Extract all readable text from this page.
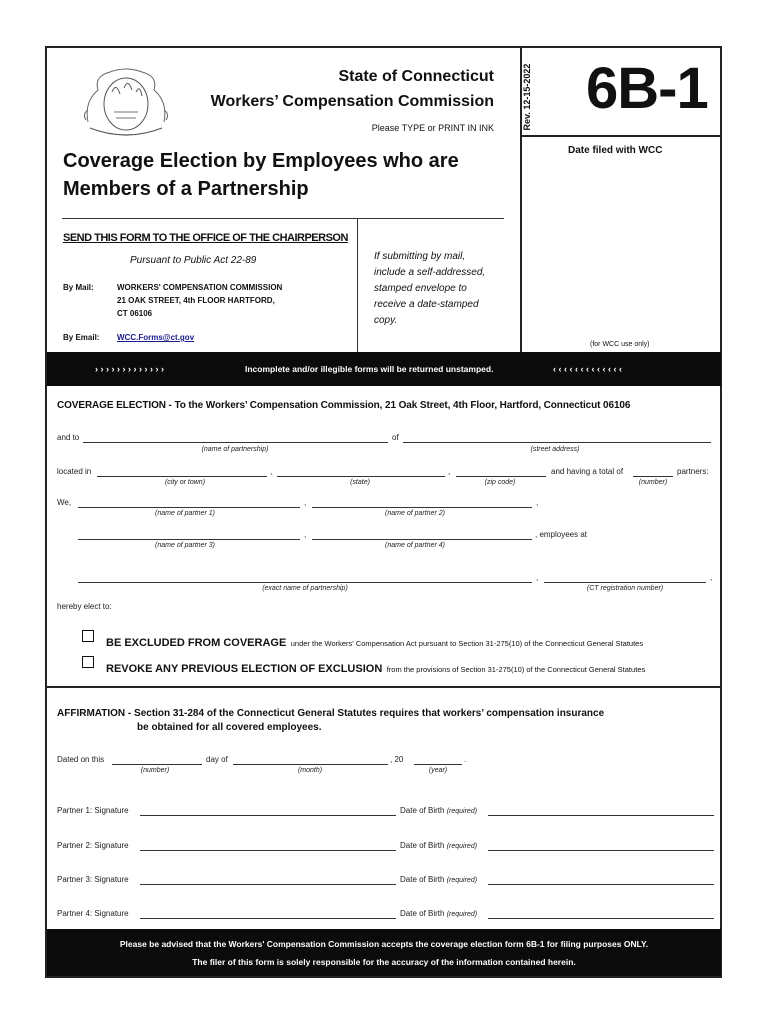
State of Connecticut
Workers’ Compensation Commission
Please TYPE or PRINT IN INK	Rev. 12-15-2022 6B-1
Date filed with WCC
(for WCC use only)
Coverage Election by Employees who are
Members of a Partnership
SEND THIS FORM TO THE OFFICE OF THE CHAIRPERSON
Pursuant to Public Act 22-89
By Mail:	WORKERS' COMPENSATION COMMISSION
21 OAK STREET, 4th FLOOR HARTFORD,
CT 06106
By Email: WCC.Forms@ct.gov
If submitting by mail,
include a self-addressed,
stamped envelope to
receive a date-stamped
copy.
› › › › › › › › › › › › ›	Incomplete and/or illegible forms will be returned unstamped.	‹ ‹ ‹ ‹ ‹ ‹ ‹ ‹ ‹ ‹ ‹ ‹ ‹
COVERAGE ELECTION - To the Workers’ Compensation Commission, 21 Oak Street, 4th Floor, Hartford, Connecticut 06106
and to	of
(name of partnership)	(street address)
located in	,	,	and having a total of	partners:
(city or town)	(state)	(zip code)	(number)
We,	,	,
(name of partner 1)	(name of partner 2)
,	, employees at
(name of partner 3)	(name of partner 4)
,	,
(exact name of partnership)	(CT registration number)
hereby elect to:
BE EXCLUDED FROM COVERAGE under the Workers' Compensation Act pursuant to Section 31-275(10) of the Connecticut General Statutes
REVOKE ANY PREVIOUS ELECTION OF EXCLUSION from the provisions of Section 31-275(10) of the Connecticut General Statutes
AFFIRMATION - Section 31-284 of the Connecticut General Statutes requires that workers’ compensation insurance
be obtained for all covered employees.
Dated on this	day of	, 20	.
(number)	(month)	(year)
Partner 1: Signature	Date of Birth (required)
Partner 2: Signature	Date of Birth (required)
Partner 3: Signature	Date of Birth (required)
Partner 4: Signature	Date of Birth (required)
Please be advised that the Workers' Compensation Commission accepts the coverage election form 6B-1 for filing purposes ONLY.
The filer of this form is solely responsible for the accuracy of the information contained herein.
